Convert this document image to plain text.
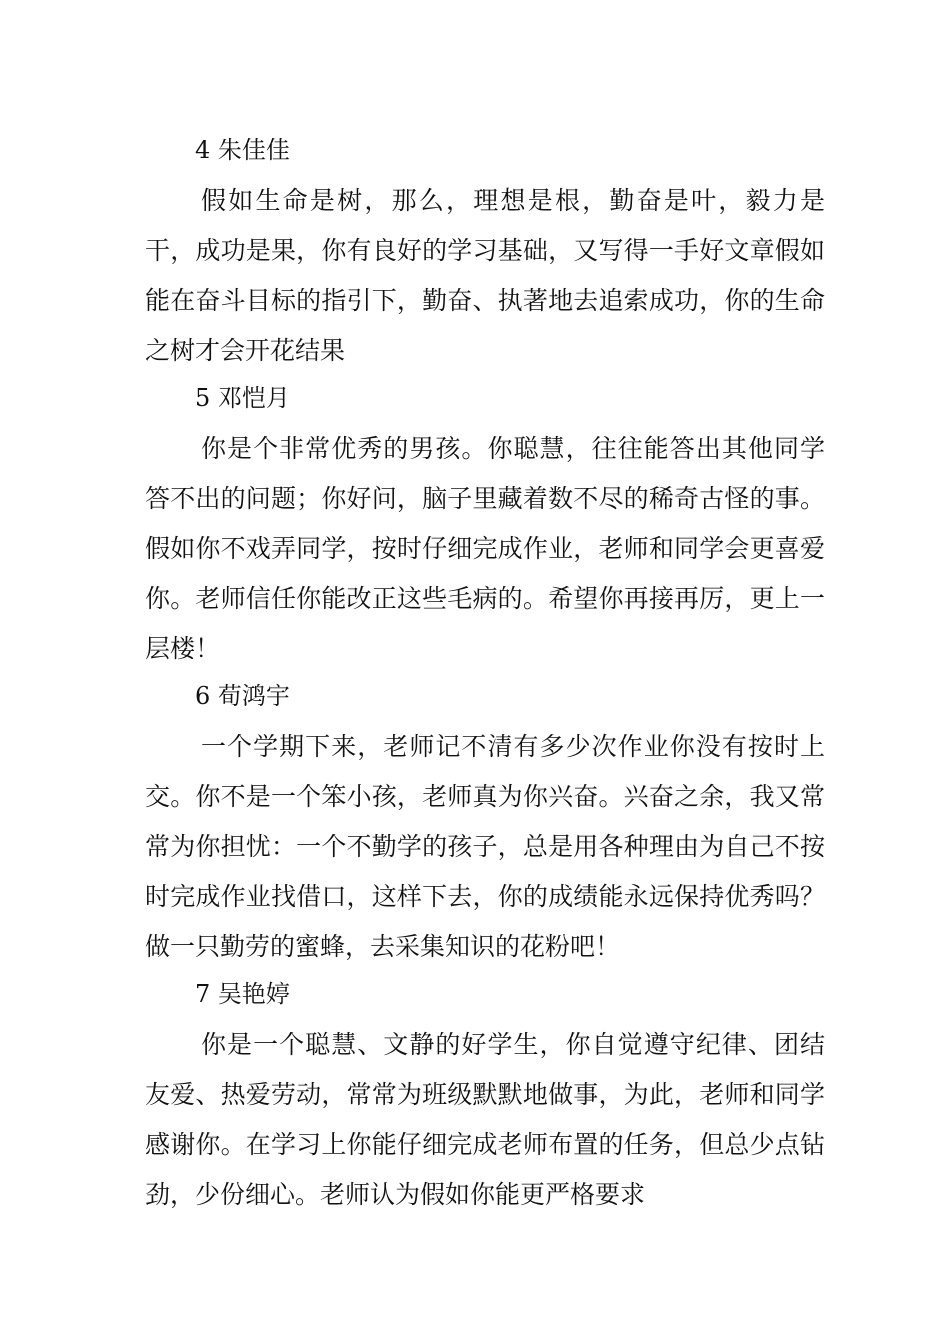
4 朱佳佳

假如生命是树，那么，理想是根，勤奋是叶，毅力是干，成功是果，你有良好的学习基础，又写得一手好文章假如能在奋斗目标的指引下，勤奋、执著地去追索成功，你的生命之树才会开花结果

5 邓恺月

你是个非常优秀的男孩。你聪慧，往往能答出其他同学答不出的问题；你好问，脑子里藏着数不尽的稀奇古怪的事。假如你不戏弄同学，按时仔细完成作业，老师和同学会更喜爱你。老师信任你能改正这些毛病的。希望你再接再厉，更上一层楼！

6 荀鸿宇

一个学期下来，老师记不清有多少次作业你没有按时上交。你不是一个笨小孩，老师真为你兴奋。兴奋之余，我又常常为你担忧：一个不勤学的孩子，总是用各种理由为自己不按时完成作业找借口，这样下去，你的成绩能永远保持优秀吗？做一只勤劳的蜜蜂，去采集知识的花粉吧！

7 吴艳婷

你是一个聪慧、文静的好学生，你自觉遵守纪律、团结友爱、热爱劳动，常常为班级默默地做事，为此，老师和同学感谢你。在学习上你能仔细完成老师布置的任务，但总少点钻劲，少份细心。老师认为假如你能更严格要求
